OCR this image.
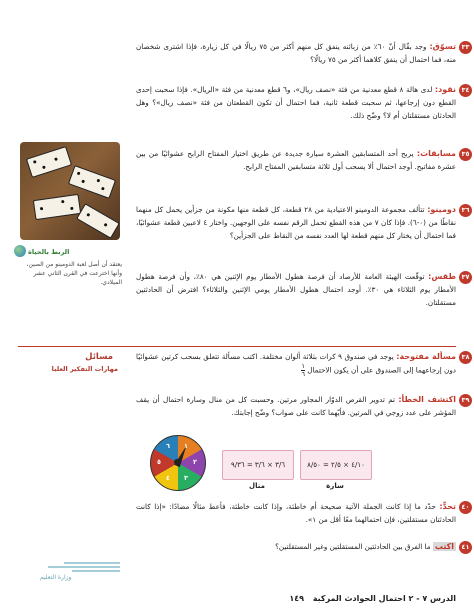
٣٣
تسوّق: وجد بقّال أنّ ٦٠٪ من زبائنه ينفق كل منهم أكثر من ٧٥ ريالًا في كل زيارة، فإذا اشترى شخصان منه، فما احتمال أن ينفق كلاهما أكثر من ٧٥ ريالًا؟
٣٤
نقود: لدى هالة ٨ قطع معدنية من فئة «نصف ريال»، و٦ قطع معدنية من فئة «الريال». فإذا سحبت إحدى القطع دون إرجاعها، ثم سحبت قطعة ثانية، فما احتمال أن تكون القطعتان من فئة «نصف ريال»؟ وهل الحادثان مستقلتان أم لا؟ وضّح ذلك.
٣٥
مسابقات: يربح أحد المتسابقين العشرة سيارة جديدة عن طريق اختيار المفتاح الرابح عشوائيًا من بين عشرة مفاتيح. أوجد احتمال ألا يسحب أول ثلاثة متسابقين المفتاح الرابح.
٣٦
دومينو: تتألف مجموعة الدومينو الاعتيادية من ٢٨ قطعة، كل قطعة منها مكونة من جزأين يحمل كل منهما نقاطًا من (٠-٦). فإذا كان ٧ من هذه القطع تحمل الرقم نفسه على الوجهين. واختار ٤ لاعبين قطعة عشوائيًا، فما احتمال أن يختار كل منهم قطعة لها العدد نفسه من النقاط على الجزأين؟
٣٧
طقس: توقّعت الهيئة العامة للأرصاد أن فرصة هطول الأمطار يوم الإثنين هي ٨٠٪، وأن فرصة هطول الأمطار يوم الثلاثاء هي ٣٠٪. أوجد احتمال هطول الأمطار يومي الإثنين والثلاثاء؟ افترض أن الحادثتين مستقلتان.
الربط بالحياة
يعتقد أن أصل لعبة الدومينو من الصين، وأنها اخترعت في القرن الثاني عشر الميلادي.
مسائل
مهارات التفكير العليا
٣٨
مسألة مفتوحة: يوجد في صندوق ٩ كرات بثلاثة ألوان مختلفة. اكتب مسألة تتعلق بسحب كرتين عشوائيًا دون إرجاعهما إلى الصندوق على أن يكون الاحتمال
$\frac{١}{٦}$
٣٩
اكتشف الخطأ: تم تدوير القرص الدوّار المجاور مرتين. وحسبت كل من منال وسارة احتمال أن يقف المؤشر على عدد زوجي في المرتين. فأيّهما كانت على صواب؟ وضّح إجابتك.
٣/٦ × ٣/٦ = ٩/٣٦
منال
٤/١٠ × ٢/٥ = ٨/٥٠
سارة
٤٠
تحدٍّ: حدّد ما إذا كانت الجملة الآتية صحيحة أم خاطئة، وإذا كانت خاطئة، فأعط مثالًا مضادًا: «إذا كانت الحادثتان مستقلتين، فإن احتمالهما معًا أقل من ١».
٤١
اكتب ما الفرق بين الحادثتين المستقلتين وغير المستقلتين؟
وزارة التعليم
الدرس ٧ - ٢ احتمال الحوادث المركبة ١٤٩
١
٢
٣
٤
٥
٦
